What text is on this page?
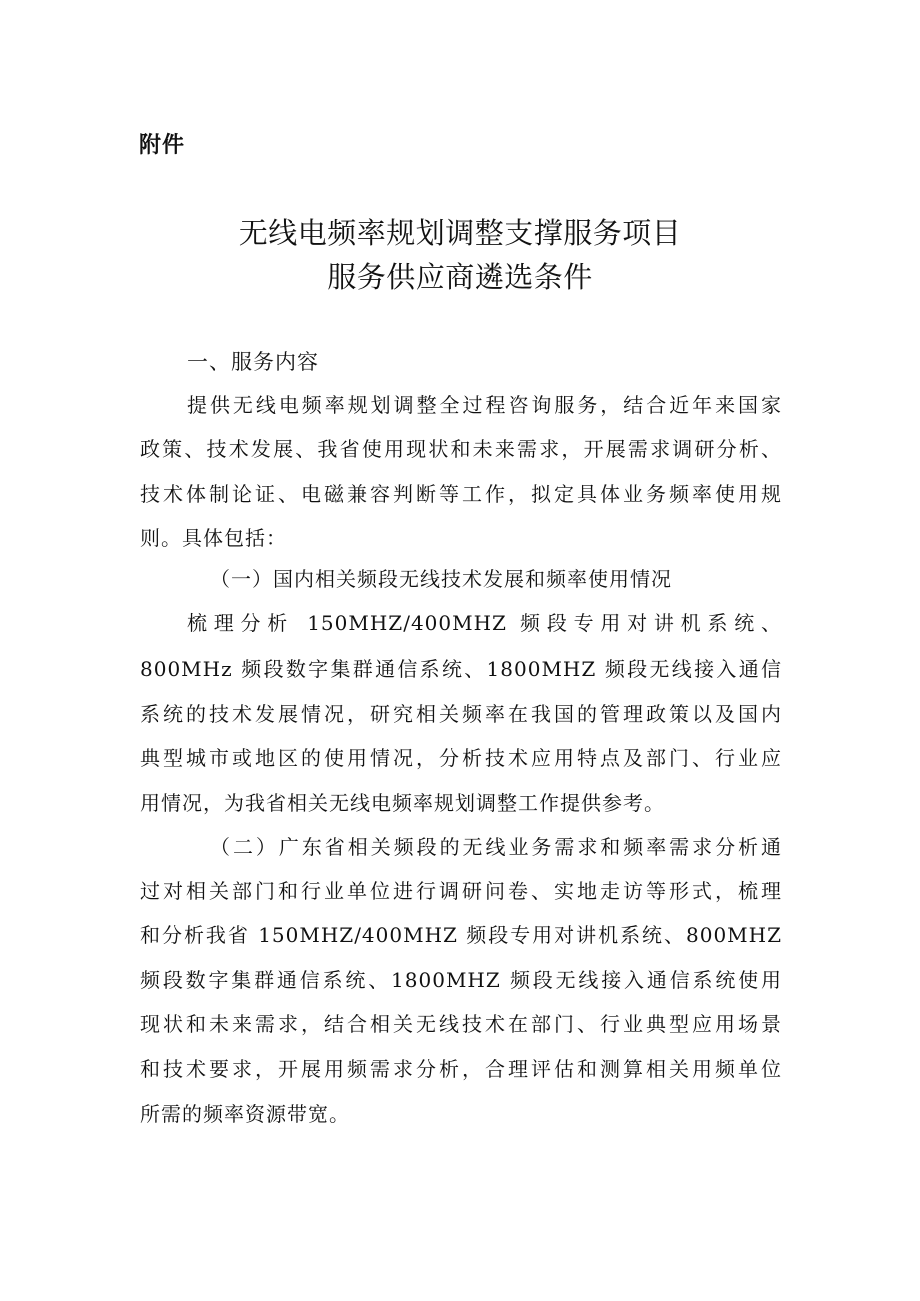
附件
无线电频率规划调整支撑服务项目
服务供应商遴选条件
一、服务内容
提供无线电频率规划调整全过程咨询服务，结合近年来国家
政策、技术发展、我省使用现状和未来需求，开展需求调研分析、
技术体制论证、电磁兼容判断等工作，拟定具体业务频率使用规
则。具体包括：
（一）国内相关频段无线技术发展和频率使用情况
梳理分析 150MHZ/400MHZ 频段专用对讲机系统、
800MHz 频段数字集群通信系统、1800MHZ 频段无线接入通信
系统的技术发展情况，研究相关频率在我国的管理政策以及国内
典型城市或地区的使用情况，分析技术应用特点及部门、行业应
用情况，为我省相关无线电频率规划调整工作提供参考。
（二）广东省相关频段的无线业务需求和频率需求分析通
过对相关部门和行业单位进行调研问卷、实地走访等形式，梳理
和分析我省 150MHZ/400MHZ 频段专用对讲机系统、800MHZ
频段数字集群通信系统、1800MHZ 频段无线接入通信系统使用
现状和未来需求，结合相关无线技术在部门、行业典型应用场景
和技术要求，开展用频需求分析，合理评估和测算相关用频单位
所需的频率资源带宽。
